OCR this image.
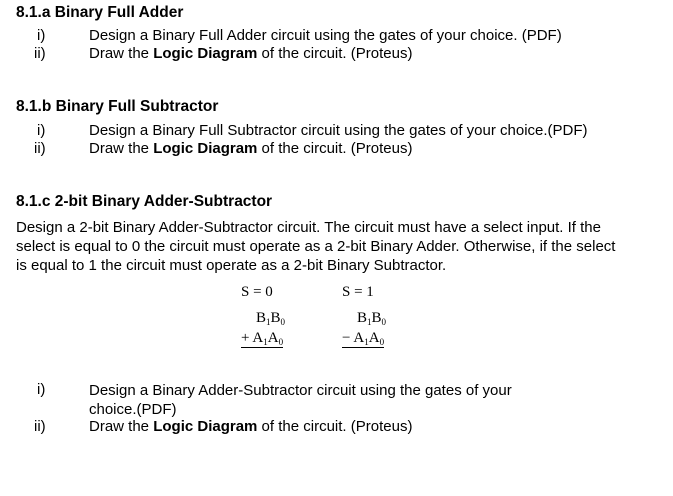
8.1.a Binary Full Adder
i)	Design a Binary Full Adder circuit using the gates of your choice. (PDF)
ii)	Draw the Logic Diagram of the circuit. (Proteus)
8.1.b Binary Full Subtractor
i)	Design a Binary Full Subtractor circuit using the gates of your choice.(PDF)
ii)	Draw the Logic Diagram of the circuit. (Proteus)
8.1.c 2-bit Binary Adder-Subtractor
Design a 2-bit Binary Adder-Subtractor circuit. The circuit must have a select input. If the select is equal to 0 the circuit must operate as a 2-bit Binary Adder. Otherwise, if the select is equal to 1 the circuit must operate as a 2-bit Binary Subtractor.
S = 0
$B_1B_0$
+ $A_1A_0$
S = 1
$B_1B_0$
− $A_1A_0$
i)	Design a Binary Adder-Subtractor circuit using the gates of your
choice.(PDF)
ii)	Draw the Logic Diagram of the circuit. (Proteus)
